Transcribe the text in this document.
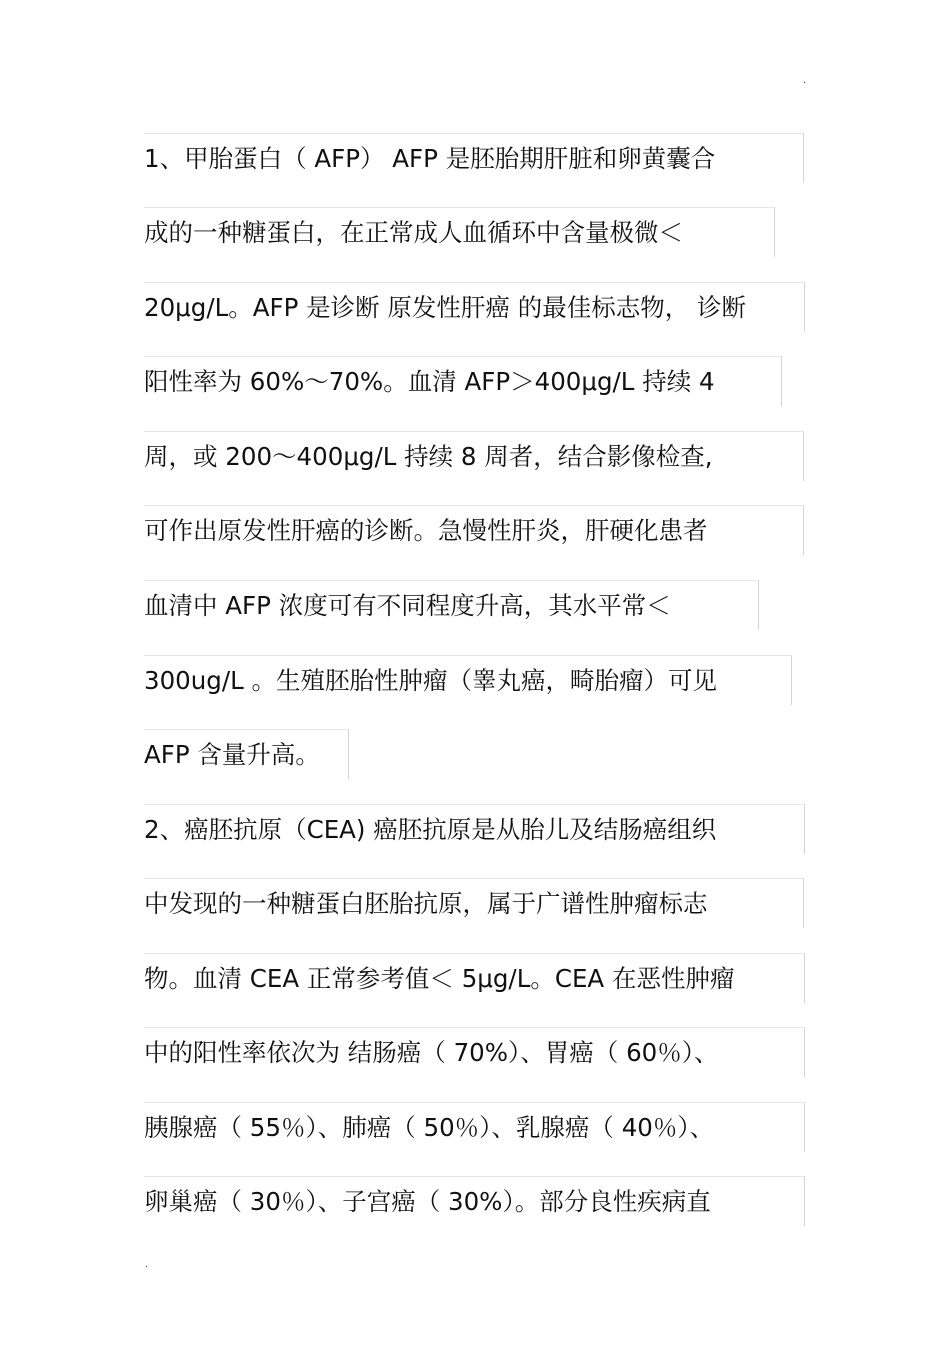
.
1、甲胎蛋白（ AFP） AFP 是胚胎期肝脏和卵黄囊合
成的一种糖蛋白，在正常成人血循环中含量极微＜
20μg/L。AFP 是诊断 原发性肝癌 的最佳标志物， 诊断
阳性率为 60%～70%。血清 AFP＞400μg/L 持续 4
周，或 200～400μg/L 持续 8 周者，结合影像检查,
可作出原发性肝癌的诊断。急慢性肝炎，肝硬化患者
血清中 AFP 浓度可有不同程度升高，其水平常＜
300ug/L 。生殖胚胎性肿瘤（睾丸癌，畸胎瘤）可见
AFP 含量升高。
2、癌胚抗原（CEA) 癌胚抗原是从胎儿及结肠癌组织
中发现的一种糖蛋白胚胎抗原，属于广谱性肿瘤标志
物。血清 CEA 正常参考值＜ 5μg/L。CEA 在恶性肿瘤
中的阳性率依次为 结肠癌（ 70%）、胃癌（ 60％）、
胰腺癌（ 55％）、肺癌（ 50％）、乳腺癌（ 40％）、
卵巢癌（ 30％）、子宫癌（ 30%）。部分良性疾病直
.
